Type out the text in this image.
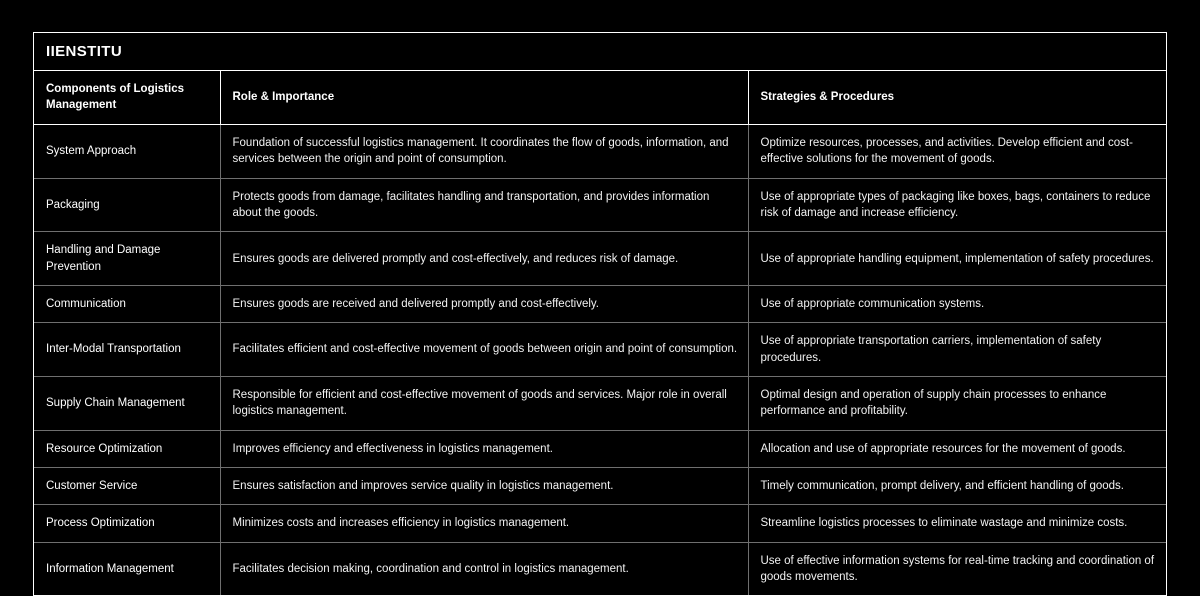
IIENSTITU
Components of Logistics Management	Role & Importance	Strategies & Procedures
System Approach	Foundation of successful logistics management. It coordinates the flow of goods, information, and services between the origin and point of consumption.	Optimize resources, processes, and activities. Develop efficient and cost-effective solutions for the movement of goods.
Packaging	Protects goods from damage, facilitates handling and transportation, and provides information about the goods.	Use of appropriate types of packaging like boxes, bags, containers to reduce risk of damage and increase efficiency.
Handling and Damage Prevention	Ensures goods are delivered promptly and cost-effectively, and reduces risk of damage.	Use of appropriate handling equipment, implementation of safety procedures.
Communication	Ensures goods are received and delivered promptly and cost-effectively.	Use of appropriate communication systems.
Inter-Modal Transportation	Facilitates efficient and cost-effective movement of goods between origin and point of consumption.	Use of appropriate transportation carriers, implementation of safety procedures.
Supply Chain Management	Responsible for efficient and cost-effective movement of goods and services. Major role in overall logistics management.	Optimal design and operation of supply chain processes to enhance performance and profitability.
Resource Optimization	Improves efficiency and effectiveness in logistics management.	Allocation and use of appropriate resources for the movement of goods.
Customer Service	Ensures satisfaction and improves service quality in logistics management.	Timely communication, prompt delivery, and efficient handling of goods.
Process Optimization	Minimizes costs and increases efficiency in logistics management.	Streamline logistics processes to eliminate wastage and minimize costs.
Information Management	Facilitates decision making, coordination and control in logistics management.	Use of effective information systems for real-time tracking and coordination of goods movements.
